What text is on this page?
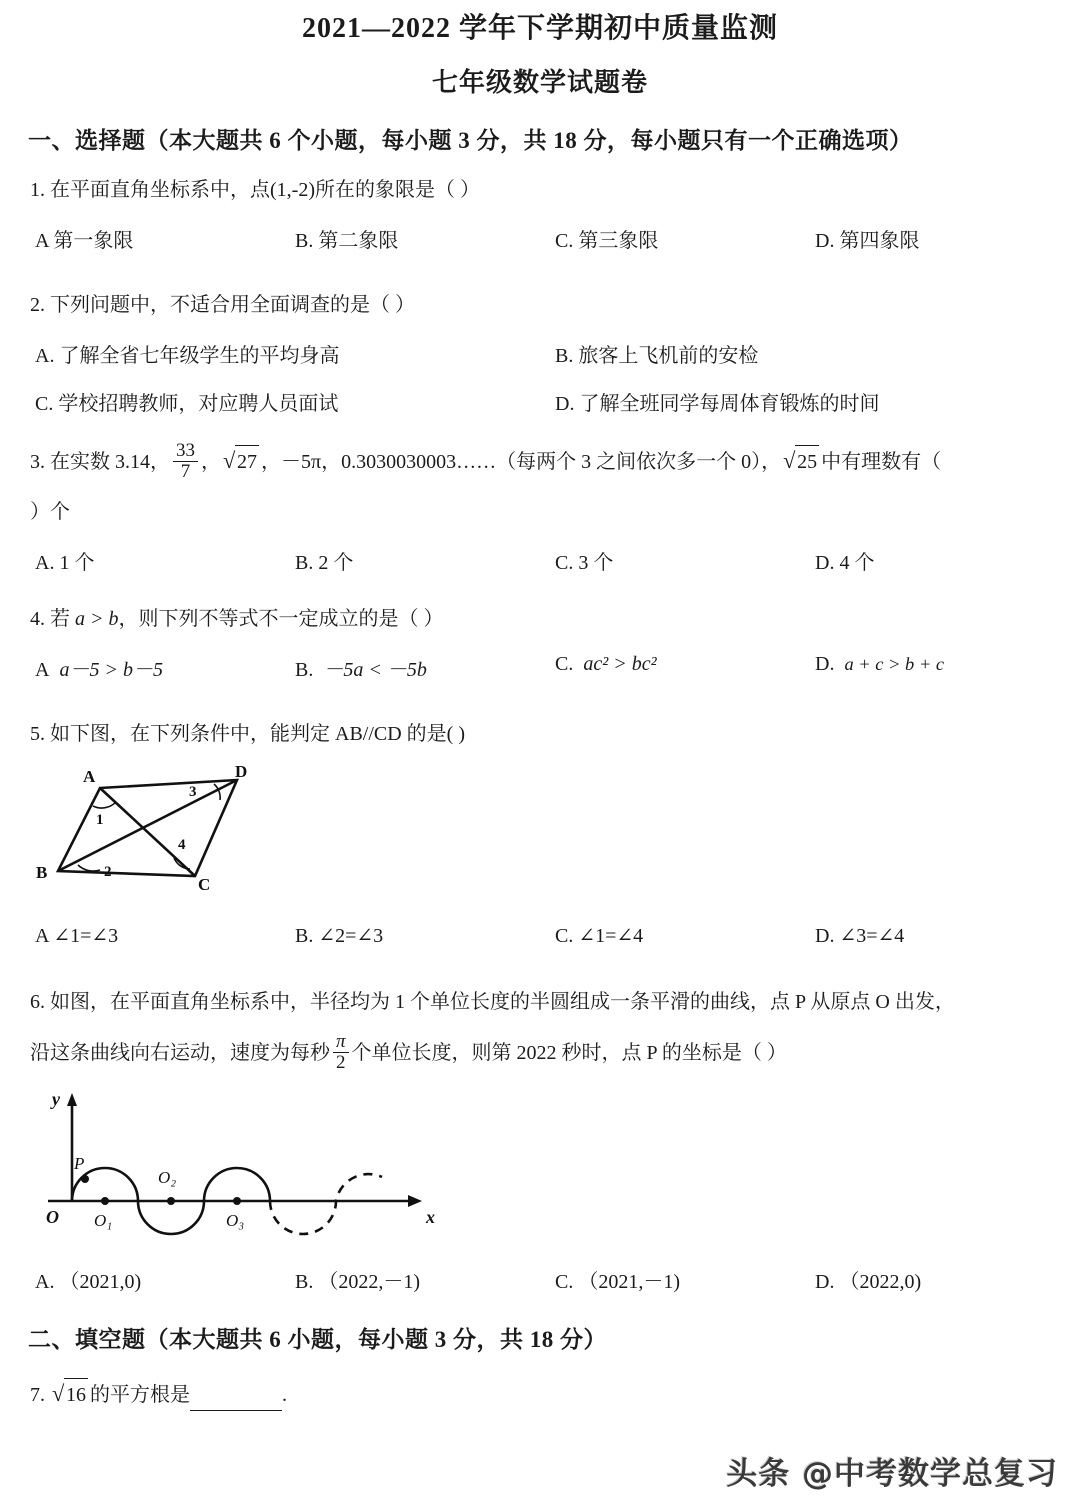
2021—2022 学年下学期初中质量监测
七年级数学试题卷
一、选择题（本大题共 6 个小题，每小题 3 分，共 18 分，每小题只有一个正确选项）
1. 在平面直角坐标系中，点(1,-2)所在的象限是（ ）
A 第一象限	B. 第二象限	C. 第三象限	D. 第四象限
2. 下列问题中，不适合用全面调查的是（ ）
A. 了解全省七年级学生的平均身高	B. 旅客上飞机前的安检
C. 学校招聘教师，对应聘人员面试	D. 了解全班同学每周体育锻炼的时间
3. 在实数 3.14， $\frac{33}{7}$ ， √ 27 ，－5π，0.3030030003……（每两个 3 之间依次多一个 0）， √ 25 中有理数有（
）个
A. 1 个	B. 2 个	C. 3 个	D. 4 个
4. 若 a > b，则下列不等式不一定成立的是（ ）
A a－5 > b－5	B. －5a < －5b	C. ac² > bc²	D. a + c > b + c
5. 如下图，在下列条件中，能判定 AB//CD 的是( )
A	D
B
C
1
3
4
2
A ∠1=∠3	B. ∠2=∠3	C. ∠1=∠4	D. ∠3=∠4
6. 如图，在平面直角坐标系中，半径均为 1 个单位长度的半圆组成一条平滑的曲线，点 P 从原点 O 出发，
沿这条曲线向右运动，速度为每秒 $\frac{\pi}{2}$ 个单位长度，则第 2022 秒时，点 P 的坐标是（ ）
y
x
O
P
O₁
O₂
O₃
A. （2021,0)	B. （2022,－1)	C. （2021,－1)	D. （2022,0)
二、填空题（本大题共 6 小题，每小题 3 分，共 18 分）
7. √ 16 的平方根是	.
头条 @中考数学总复习
